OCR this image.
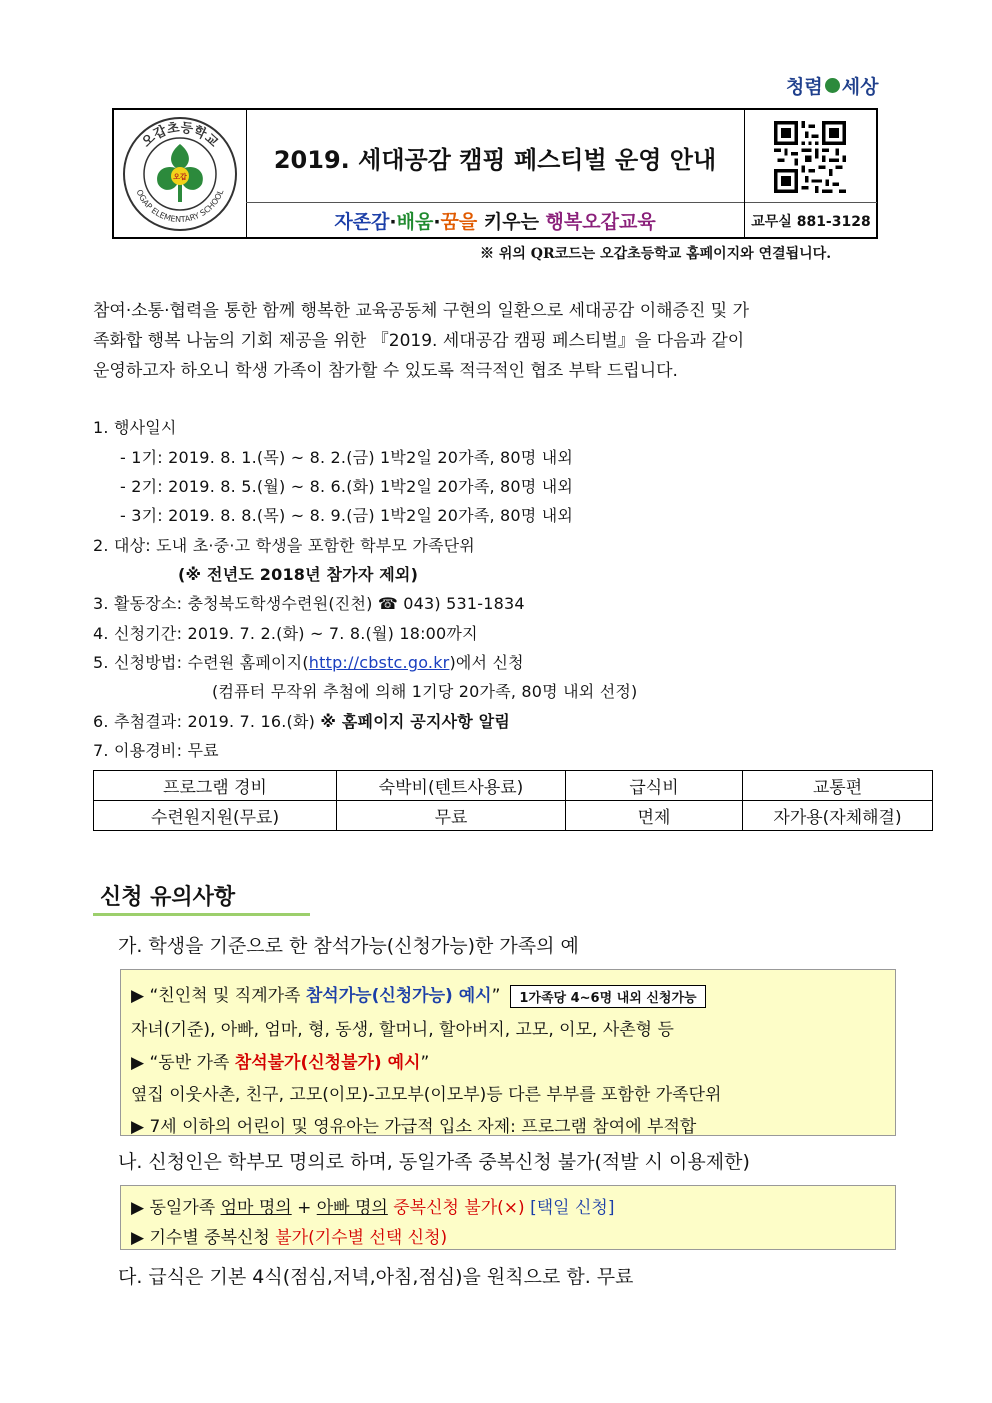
청렴 세상
오갑초등학교
OGAP ELEMENTARY SCHOOL
오갑
2019. 세대공감 캠핑 페스티벌 운영 안내
자존감·배움·꿈을 키우는 행복오갑교육	교무실 881-3128
※ 위의 QR코드는 오갑초등학교 홈페이지와 연결됩니다.
참여·소통·협력을 통한 함께 행복한 교육공동체 구현의 일환으로 세대공감 이해증진 및 가
족화합 행복 나눔의 기회 제공을 위한 『2019. 세대공감 캠핑 페스티벌』을 다음과 같이
운영하고자 하오니 학생 가족이 참가할 수 있도록 적극적인 협조 부탁 드립니다.
1. 행사일시
- 1기: 2019. 8. 1.(목) ~ 8. 2.(금) 1박2일 20가족, 80명 내외
- 2기: 2019. 8. 5.(월) ~ 8. 6.(화) 1박2일 20가족, 80명 내외
- 3기: 2019. 8. 8.(목) ~ 8. 9.(금) 1박2일 20가족, 80명 내외
2. 대상: 도내 초·중·고 학생을 포함한 학부모 가족단위
(※ 전년도 2018년 참가자 제외)
3. 활동장소: 충청북도학생수련원(진천) ☎ 043) 531-1834
4. 신청기간: 2019. 7. 2.(화) ~ 7. 8.(월) 18:00까지
5. 신청방법: 수련원 홈페이지(http://cbstc.go.kr)에서 신청
(컴퓨터 무작위 추첨에 의해 1기당 20가족, 80명 내외 선정)
6. 추첨결과: 2019. 7. 16.(화) ※ 홈페이지 공지사항 알림
7. 이용경비: 무료
프로그램 경비	숙박비(텐트사용료)	급식비	교통편
수련원지원(무료)	무료	면제	자가용(자체해결)
신청 유의사항
가. 학생을 기준으로 한 참석가능(신청가능)한 가족의 예
▶ “친인척 및 직계가족 참석가능(신청가능) 예시” 1가족당 4~6명 내외 신청가능
자녀(기준), 아빠, 엄마, 형, 동생, 할머니, 할아버지, 고모, 이모, 사촌형 등
▶ “동반 가족 참석불가(신청불가) 예시”
옆집 이웃사촌, 친구, 고모(이모)-고모부(이모부)등 다른 부부를 포함한 가족단위
▶ 7세 이하의 어린이 및 영유아는 가급적 입소 자제: 프로그램 참여에 부적합
나. 신청인은 학부모 명의로 하며, 동일가족 중복신청 불가(적발 시 이용제한)
▶ 동일가족 엄마 명의 + 아빠 명의 중복신청 불가(×) [택일 신청]
▶ 기수별 중복신청 불가(기수별 선택 신청)
다. 급식은 기본 4식(점심,저녁,아침,점심)을 원칙으로 함. 무료
